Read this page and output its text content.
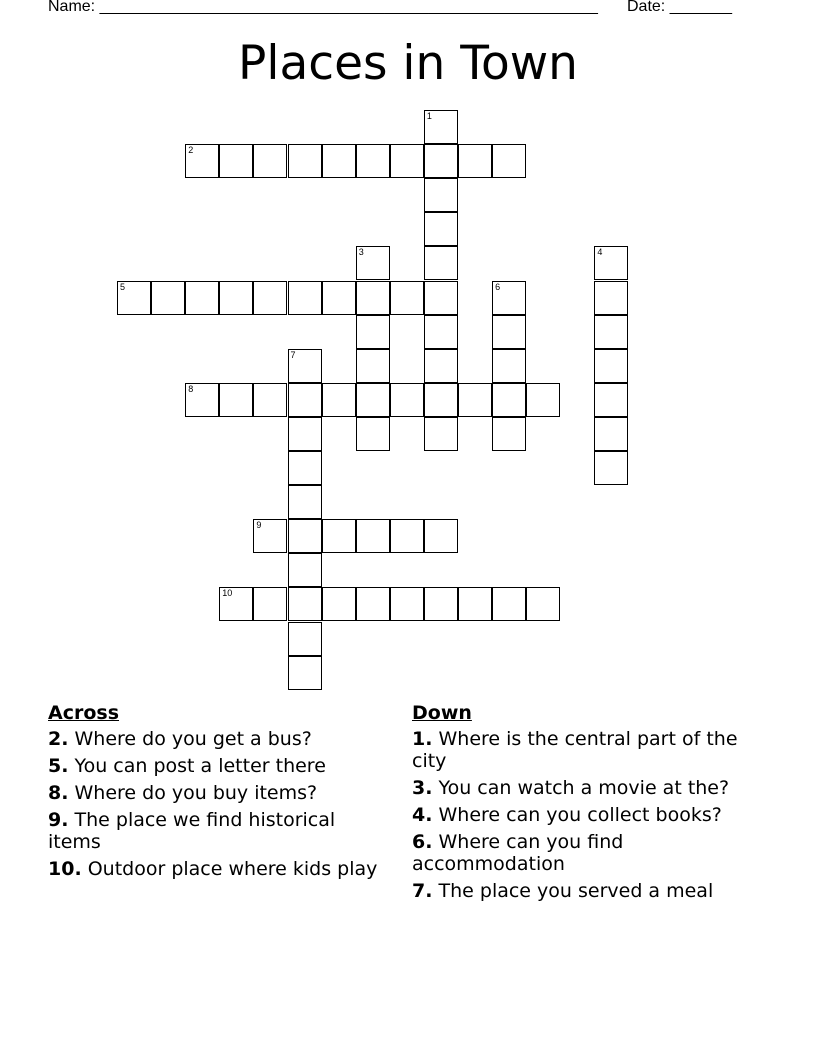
Name: ________________________________________________________ Date: _______
Places in Town
1
2
3	4
5	6
7
8
9
10
Across
2. Where do you get a bus?
5. You can post a letter there
8. Where do you buy items?
9. The place we find historical items
10. Outdoor place where kids play
Down
1. Where is the central part of the city
3. You can watch a movie at the?
4. Where can you collect books?
6. Where can you find accommodation
7. The place you served a meal
